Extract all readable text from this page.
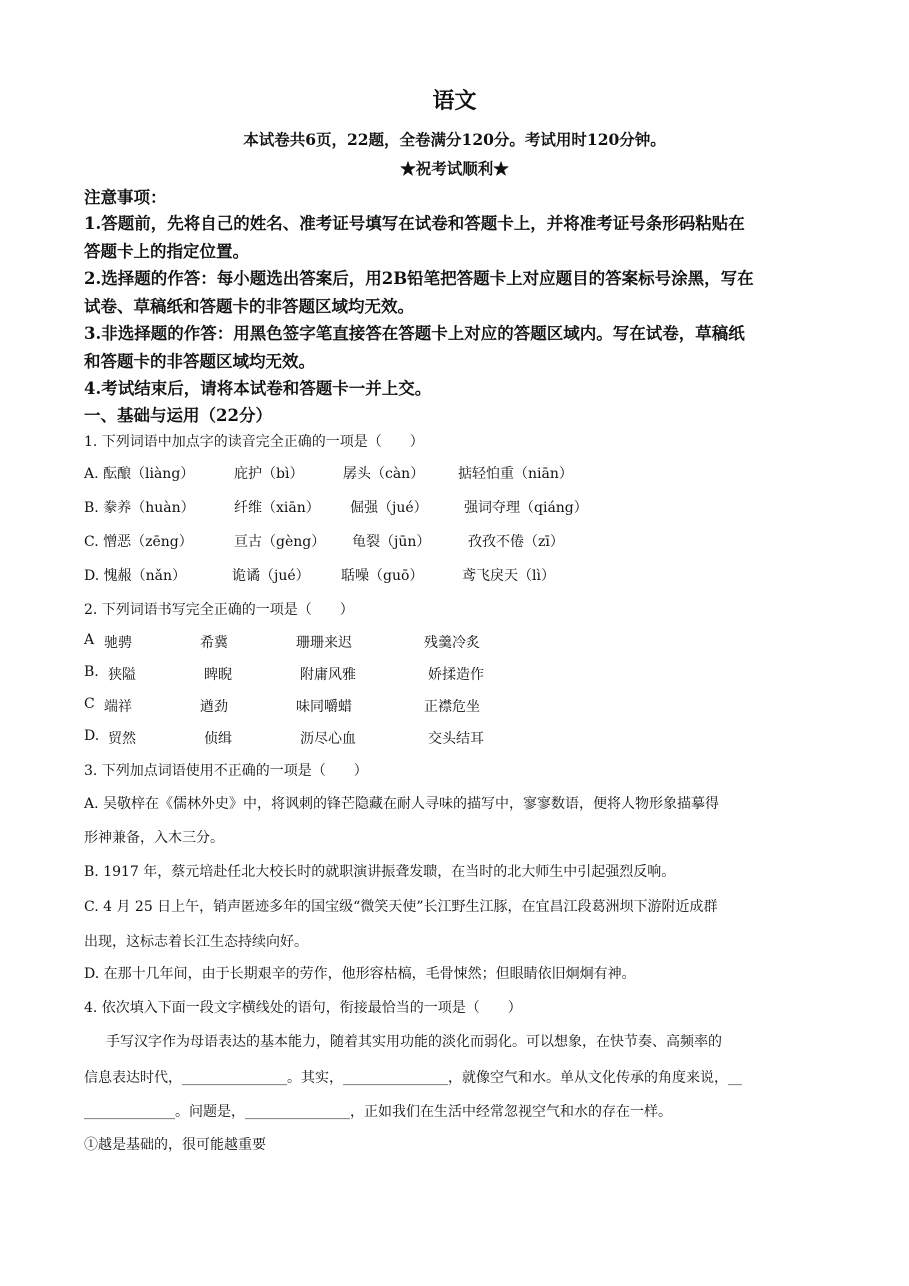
语文
本试卷共6页，22题，全卷满分120分。考试用时120分钟。
★祝考试顺利★
注意事项：
1.答题前，先将自己的姓名、准考证号填写在试卷和答题卡上，并将准考证号条形码粘贴在
答题卡上的指定位置。
2.选择题的作答：每小题选出答案后，用2B铅笔把答题卡上对应题目的答案标号涂黑，写在
试卷、草稿纸和答题卡的非答题区域均无效。
3.非选择题的作答：用黑色签字笔直接答在答题卡上对应的答题区域内。写在试卷，草稿纸
和答题卡的非答题区域均无效。
4.考试结束后，请将本试卷和答题卡一并上交。
一、基础与运用（22分）
1. 下列词语中加点字的读音完全正确的一项是（　　）
A. 酝酿（liàng）	庇护（bì）	孱头（càn） 掂轻怕重（niān）
B. 豢养（huàn）	纤维（xiān） 倔强（jué）	强词夺理（qiáng）
C. 憎恶（zēng）	亘古（gèng） 龟裂（jūn）	孜孜不倦（zī）
D. 愧赧（nǎn）	诡谲（jué） 聒噪（guō）	鸢飞戾天（lì）
2. 下列词语书写完全正确的一项是（　　）
A 驰骋	希冀	珊珊来迟	残羹冷炙
B. 狭隘	睥睨	附庸风雅	娇揉造作
C 端祥	遒劲	味同嚼蜡	正襟危坐
D. 贸然	侦缉	沥尽心血	交头结耳
3. 下列加点词语使用不正确的一项是（　　）
A. 吴敬梓在《儒林外史》中，将讽刺的锋芒隐藏在耐人寻味的描写中，寥寥数语，便将人物形象描摹得
形神兼备，入木三分。
B. 1917 年，蔡元培赴任北大校长时的就职演讲振聋发聩，在当时的北大师生中引起强烈反响。
C. 4 月 25 日上午，销声匿迹多年的国宝级“微笑天使”长江野生江豚，在宜昌江段葛洲坝下游附近成群
出现，这标志着长江生态持续向好。
D. 在那十几年间，由于长期艰辛的劳作，他形容枯槁，毛骨悚然；但眼睛依旧炯炯有神。
4. 依次填入下面一段文字横线处的语句，衔接最恰当的一项是（　　）
手写汉字作为母语表达的基本能力，随着其实用功能的淡化而弱化。可以想象，在快节奏、高频率的
信息表达时代，_______________。其实，_______________，就像空气和水。单从文化传承的角度来说，__
_____________。问题是，_______________，正如我们在生活中经常忽视空气和水的存在一样。
①越是基础的，很可能越重要
